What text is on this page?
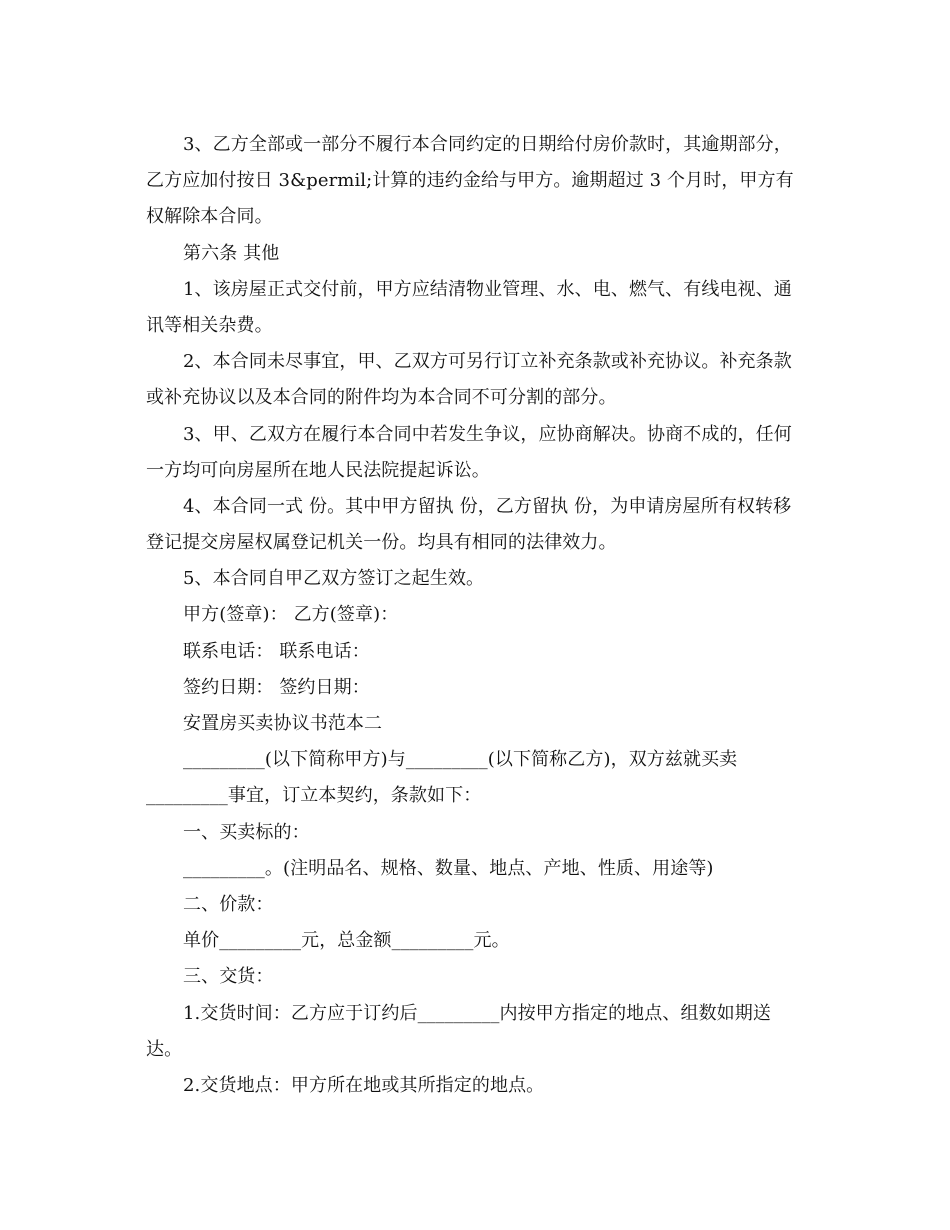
3、乙方全部或一部分不履行本合同约定的日期给付房价款时，其逾期部分，
乙方应加付按日 3&permil;计算的违约金给与甲方。逾期超过 3 个月时，甲方有
权解除本合同。
第六条 其他
1、该房屋正式交付前，甲方应结清物业管理、水、电、燃气、有线电视、通
讯等相关杂费。
2、本合同未尽事宜，甲、乙双方可另行订立补充条款或补充协议。补充条款
或补充协议以及本合同的附件均为本合同不可分割的部分。
3、甲、乙双方在履行本合同中若发生争议，应协商解决。协商不成的，任何
一方均可向房屋所在地人民法院提起诉讼。
4、本合同一式 份。其中甲方留执 份，乙方留执 份，为申请房屋所有权转移
登记提交房屋权属登记机关一份。均具有相同的法律效力。
5、本合同自甲乙双方签订之起生效。
甲方(签章)： 乙方(签章)：
联系电话： 联系电话：
签约日期： 签约日期：
安置房买卖协议书范本二
_________(以下简称甲方)与_________(以下简称乙方)，双方兹就买卖
_________事宜，订立本契约，条款如下：
一、买卖标的：
_________。(注明品名、规格、数量、地点、产地、性质、用途等)
二、价款：
单价_________元，总金额_________元。
三、交货：
1.交货时间：乙方应于订约后_________内按甲方指定的地点、组数如期送
达。
2.交货地点：甲方所在地或其所指定的地点。
